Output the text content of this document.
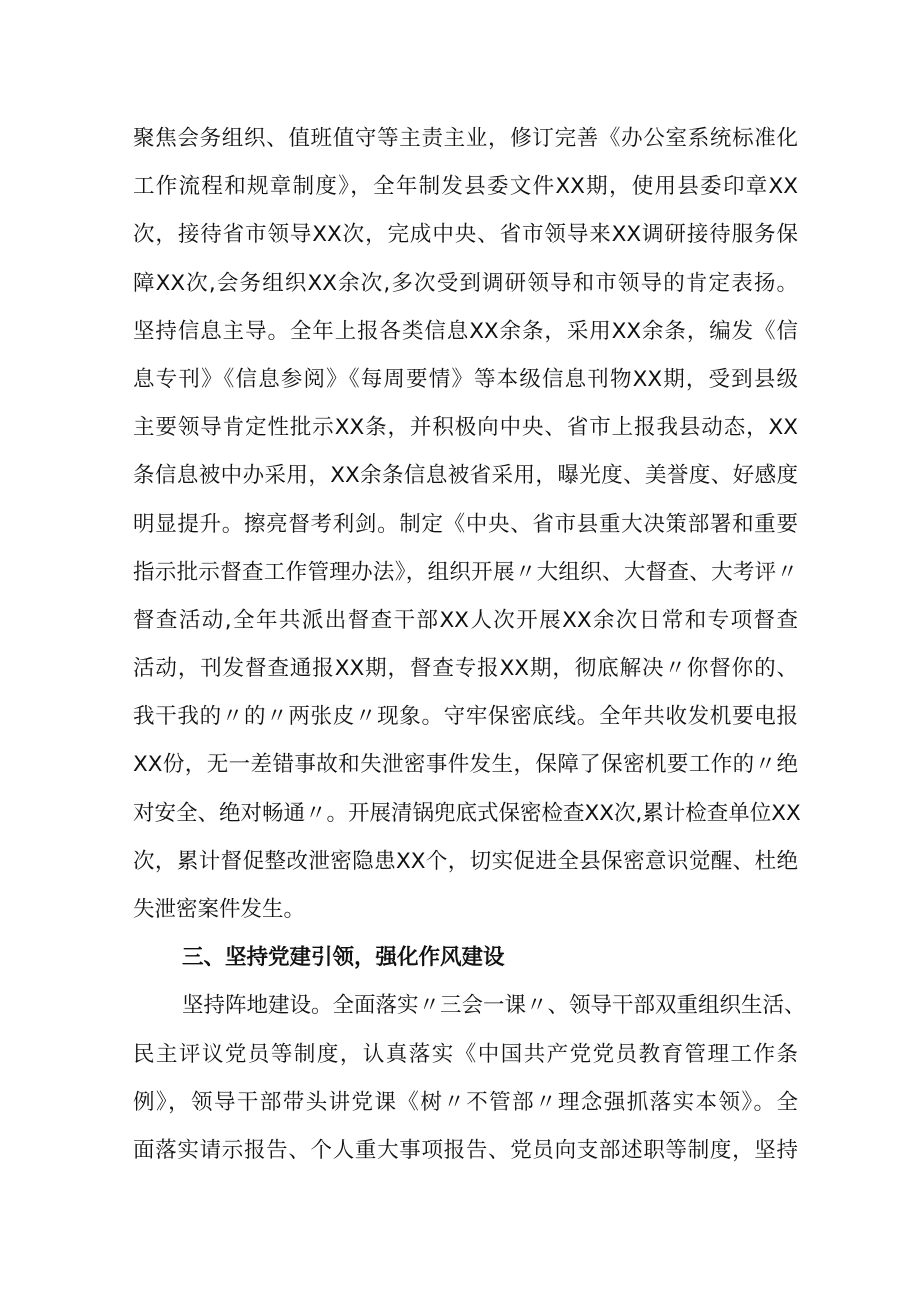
聚焦会务组织、值班值守等主责主业，修订完善《办公室系统标准化
工作流程和规章制度》，全年制发县委文件XX期，使用县委印章XX
次，接待省市领导XX次，完成中央、省市领导来XX调研接待服务保
障XX次,会务组织XX余次,多次受到调研领导和市领导的肯定表扬。
坚持信息主导。全年上报各类信息XX余条，采用XX余条，编发《信
息专刊》《信息参阅》《每周要情》等本级信息刊物XX期，受到县级
主要领导肯定性批示XX条，并积极向中央、省市上报我县动态，XX
条信息被中办采用，XX余条信息被省采用，曝光度、美誉度、好感度
明显提升。擦亮督考利剑。制定《中央、省市县重大决策部署和重要
指示批示督查工作管理办法》，组织开展〃大组织、大督查、大考评〃
督查活动,全年共派出督查干部XX人次开展XX余次日常和专项督查
活动，刊发督查通报XX期，督查专报XX期，彻底解决〃你督你的、
我干我的〃的〃两张皮〃现象。守牢保密底线。全年共收发机要电报
XX份，无一差错事故和失泄密事件发生，保障了保密机要工作的〃绝
对安全、绝对畅通〃。开展清锅兜底式保密检查XX次,累计检查单位XX
次，累计督促整改泄密隐患XX个，切实促进全县保密意识觉醒、杜绝
失泄密案件发生。
三、坚持党建引领，强化作风建设
坚持阵地建设。全面落实〃三会一课〃、领导干部双重组织生活、
民主评议党员等制度，认真落实《中国共产党党员教育管理工作条
例》，领导干部带头讲党课《树〃不管部〃理念强抓落实本领》。全
面落实请示报告、个人重大事项报告、党员向支部述职等制度，坚持
